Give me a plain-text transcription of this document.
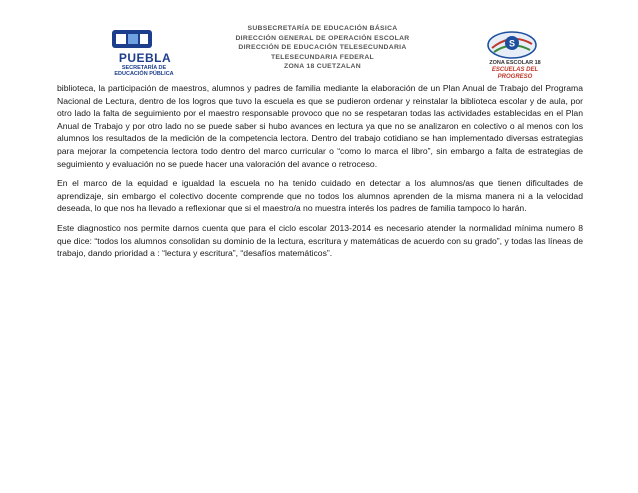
PUEBLA
SECRETARÍA DE
EDUCACIÓN PÚBLICA
SUBSECRETARÍA DE EDUCACIÓN BÁSICA
DIRECCIÓN GENERAL DE OPERACIÓN ESCOLAR
DIRECCIÓN DE EDUCACIÓN TELESECUNDARIA
TELESECUNDARIA FEDERAL
ZONA 18 CUETZALAN
S
ZONA ESCOLAR 18
ESCUELAS DEL PROGRESO

biblioteca, la participación de maestros, alumnos y padres de familia mediante la elaboración de un Plan Anual de Trabajo del Programa Nacional de Lectura, dentro de los logros que tuvo la escuela es que se pudieron ordenar y reinstalar la biblioteca escolar y de aula, por otro lado la falta de seguimiento por el maestro responsable provoco que no se respetaran todas las actividades establecidas en el Plan Anual de Trabajo y por otro lado no se puede saber si hubo avances en lectura ya que no se analizaron en colectivo o al menos con los alumnos los resultados de la medición de la competencia lectora. Dentro del trabajo cotidiano se han implementado diversas estrategias para mejorar la competencia lectora todo dentro del marco curricular o “como lo marca el libro”, sin embargo a falta de estrategias de seguimiento y evaluación no se puede hacer una valoración del avance o retroceso.

En el marco de la equidad e igualdad la escuela no ha tenido cuidado en detectar a los alumnos/as que tienen dificultades de aprendizaje, sin embargo el colectivo docente comprende que no todos los alumnos aprenden de la misma manera ni a la velocidad deseada, lo que nos ha llevado a reflexionar que si el maestro/a no muestra interés los padres de familia tampoco lo harán.

Este diagnostico nos permite darnos cuenta que para el ciclo escolar 2013-2014 es necesario atender la normalidad mínima numero 8 que dice: “todos los alumnos consolidan su dominio de la lectura, escritura y matemáticas de acuerdo con su grado”, y todas las líneas de trabajo, dando prioridad a : “lectura y escritura”, “desafíos matemáticos”.
